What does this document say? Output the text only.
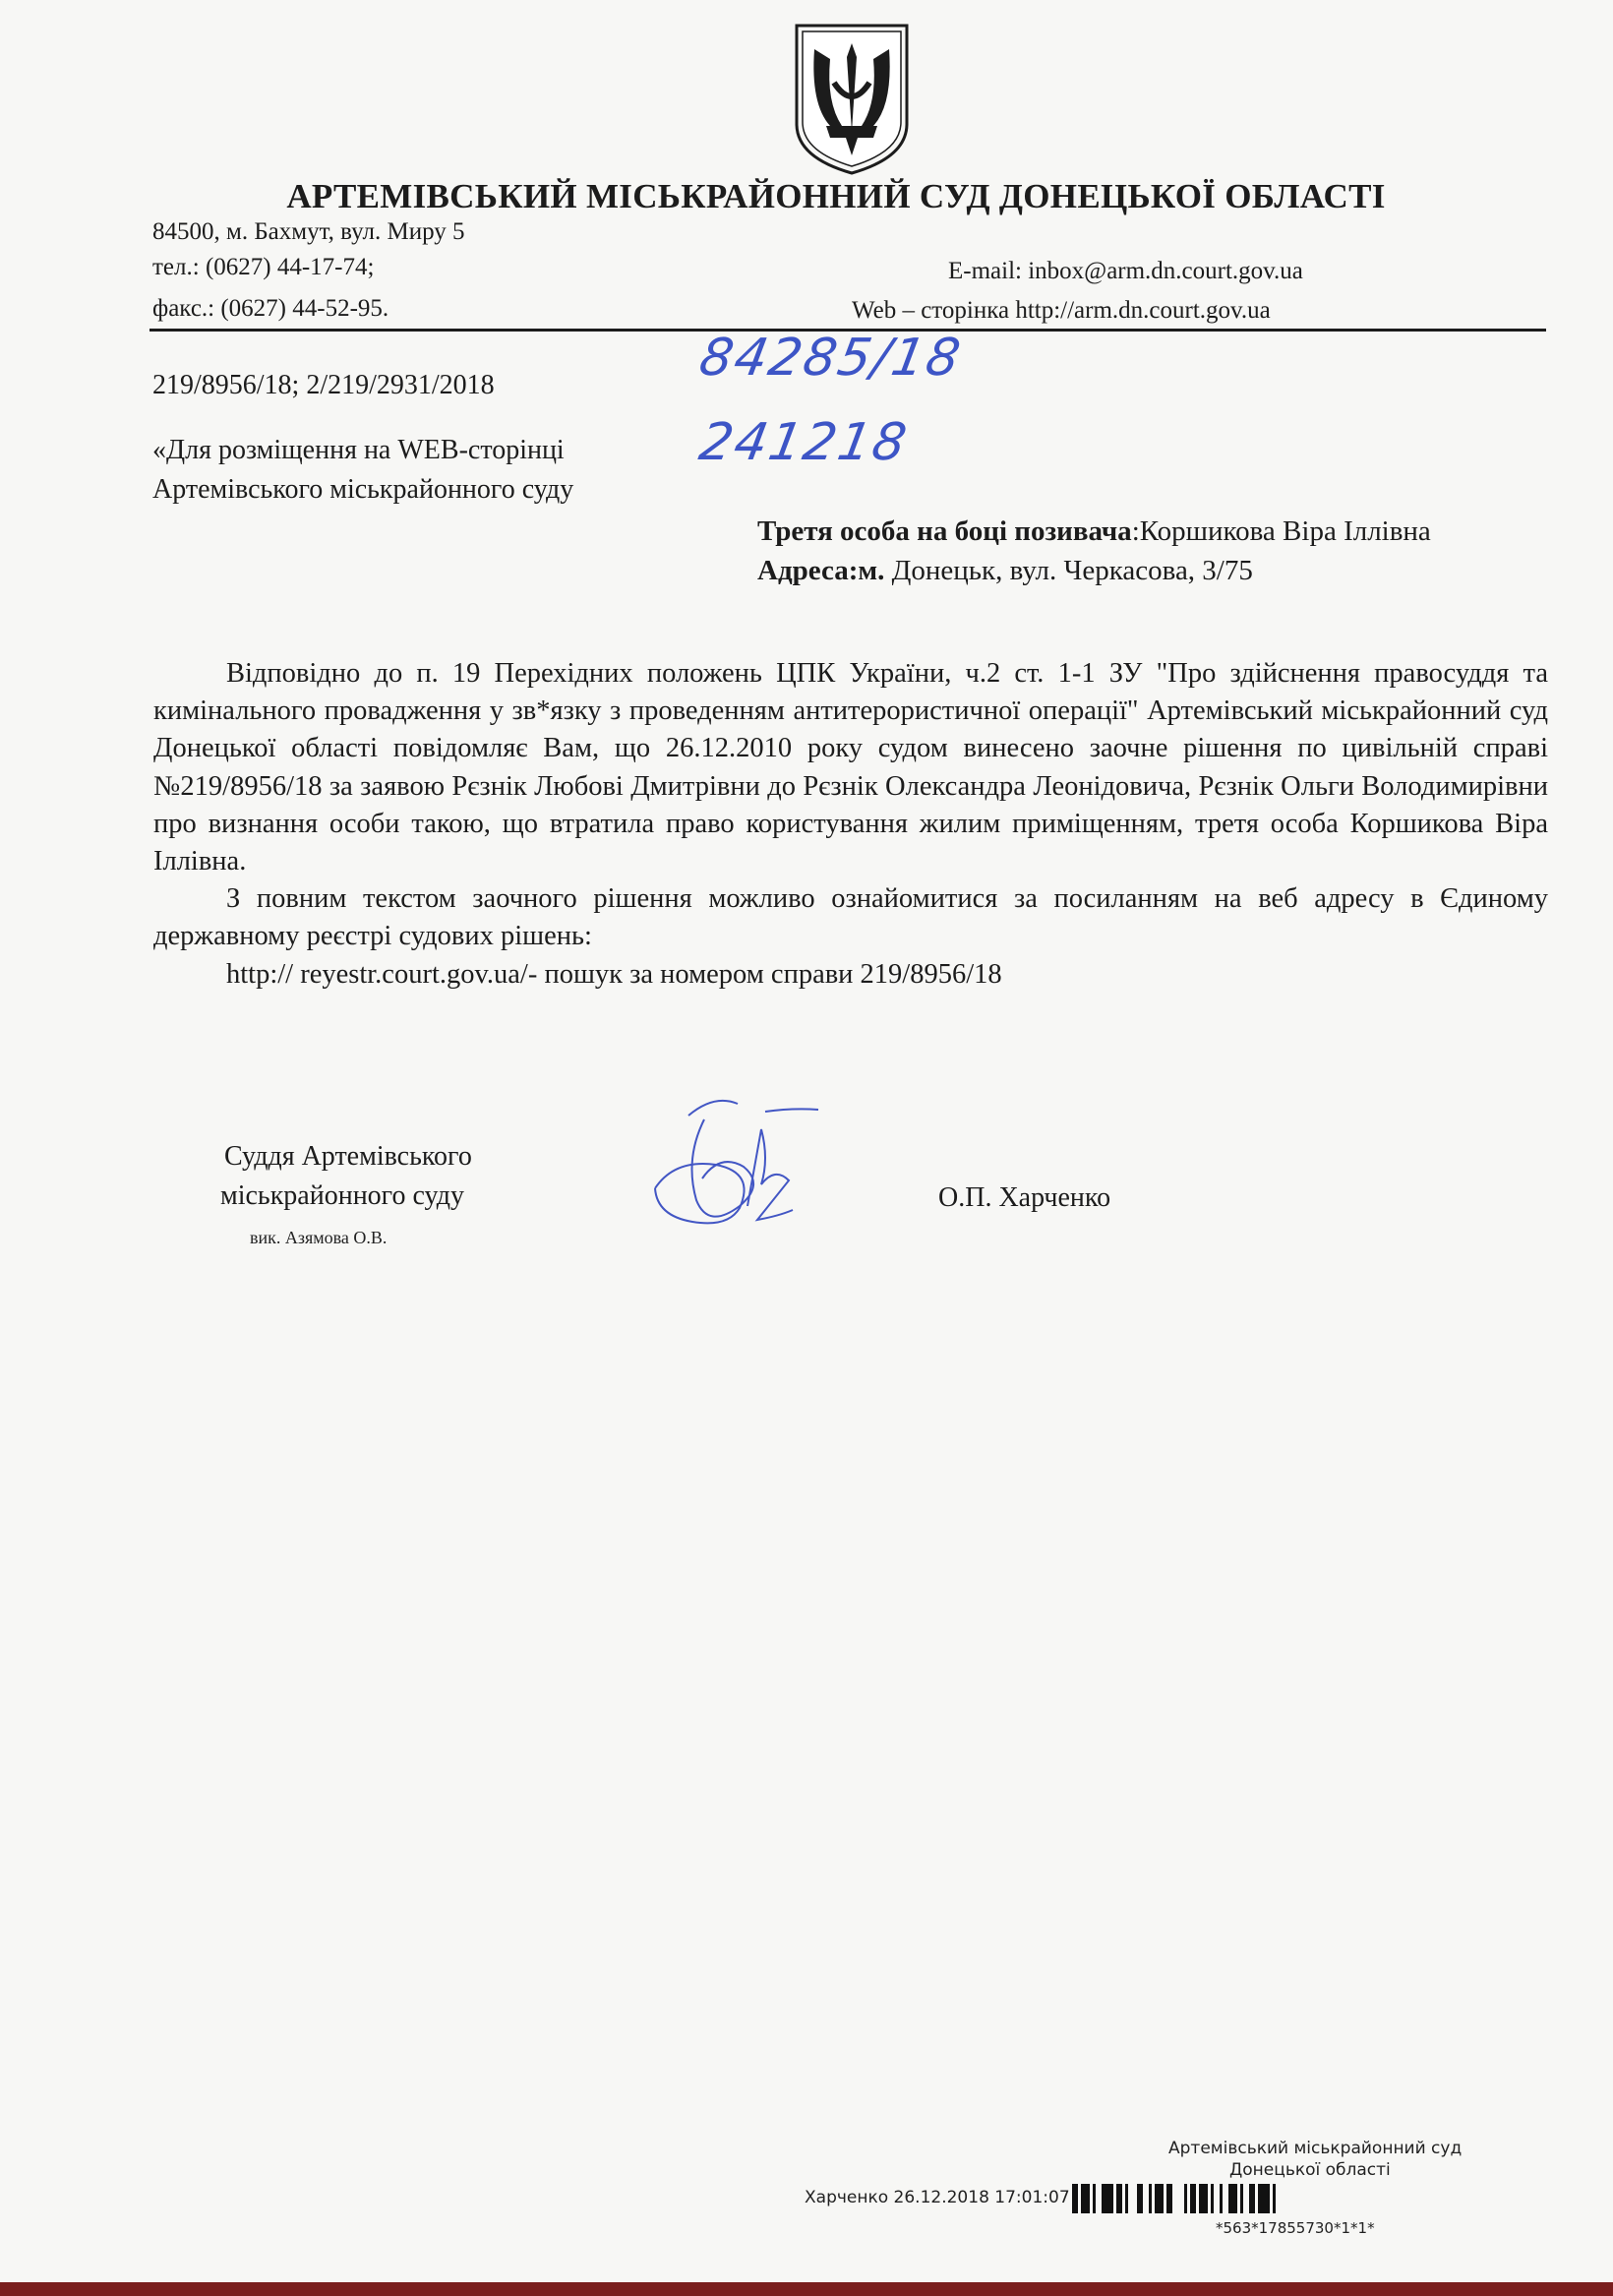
АРТЕМІВСЬКИЙ МІСЬКРАЙОННИЙ СУД ДОНЕЦЬКОЇ ОБЛАСТІ
84500, м. Бахмут, вул. Миру 5
тел.: (0627) 44-17-74;
факс.: (0627) 44-52-95.
E-mail: inbox@arm.dn.court.gov.ua
Web – сторінка http://arm.dn.court.gov.ua
219/8956/18; 2/219/2931/2018	84285/18
241218
«Для розміщення на WEB-сторінці
Артемівського міськрайонного суду
Третя особа на боці позивача:Коршикова Віра Іллівна
Адреса:м. Донецьк, вул. Черкасова, 3/75

Відповідно до п. 19 Перехідних положень ЦПК України, ч.2 ст. 1-1 ЗУ "Про здійснення правосуддя та кимінального провадження у зв*язку з проведенням антитерористичної операції" Артемівський міськрайонний суд Донецької області повідомляє Вам, що 26.12.2010 року судом винесено заочне рішення по цивільній справі №219/8956/18 за заявою Рєзнік Любові Дмитрівни до Рєзнік Олександра Леонідовича, Рєзнік Ольги Володимирівни про визнання особи такою, що втратила право користування жилим приміщенням, третя особа Коршикова Віра Іллівна.

З повним текстом заочного рішення можливо ознайомитися за посиланням на веб адресу в Єдиному державному реєстрі судових рішень:

http:// reyestr.court.gov.ua/- пошук за номером справи 219/8956/18

Суддя Артемівського
міськрайонного суду
вик. Азямова О.В.
О.П. Харченко
Артемівський міськрайонний суд
Донецької області
Харченко 26.12.2018 17:01:07
*563*17855730*1*1*
